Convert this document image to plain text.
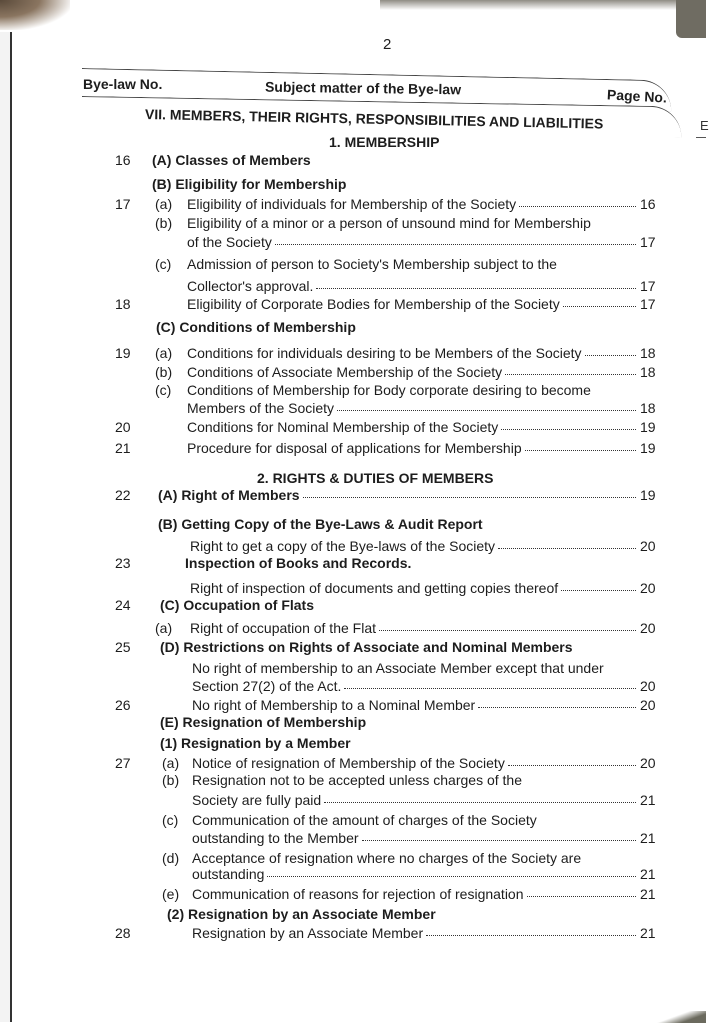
E
2
Bye-law No.	Subject matter of the Bye-law	Page No.
VII. MEMBERS, THEIR RIGHTS, RESPONSIBILITIES AND LIABILITIES
1. MEMBERSHIP
2. RIGHTS & DUTIES OF MEMBERS
16 (A) Classes of Members
(B) Eligibility for Membership
17 (a) Eligibility of individuals for Membership of the Society	16
(b) Eligibility of a minor or a person of unsound mind for Membership
of the Society	17
(c) Admission of person to Society's Membership subject to the
Collector's approval.	17
18	Eligibility of Corporate Bodies for Membership of the Society	17
(C) Conditions of Membership
19 (a) Conditions for individuals desiring to be Members of the Society	18
(b) Conditions of Associate Membership of the Society	18
(c) Conditions of Membership for Body corporate desiring to become
Members of the Society	18
20	Conditions for Nominal Membership of the Society	19
21	Procedure for disposal of applications for Membership	19
22 (A) Right of Members	19
(B) Getting Copy of the Bye-Laws & Audit Report
Right to get a copy of the Bye-laws of the Society	20
23	Inspection of Books and Records.
Right of inspection of documents and getting copies thereof	20
24 (C) Occupation of Flats
(a) Right of occupation of the Flat	20
25 (D) Restrictions on Rights of Associate and Nominal Members
No right of membership to an Associate Member except that under
Section 27(2) of the Act.	20
26	No right of Membership to a Nominal Member	20
(E) Resignation of Membership
(1) Resignation by a Member
27 (a) Notice of resignation of Membership of the Society	20
(b) Resignation not to be accepted unless charges of the
Society are fully paid	21
(c) Communication of the amount of charges of the Society
outstanding to the Member	21
(d) Acceptance of resignation where no charges of the Society are
outstanding	21
(e) Communication of reasons for rejection of resignation	21
(2) Resignation by an Associate Member
28	Resignation by an Associate Member	21
